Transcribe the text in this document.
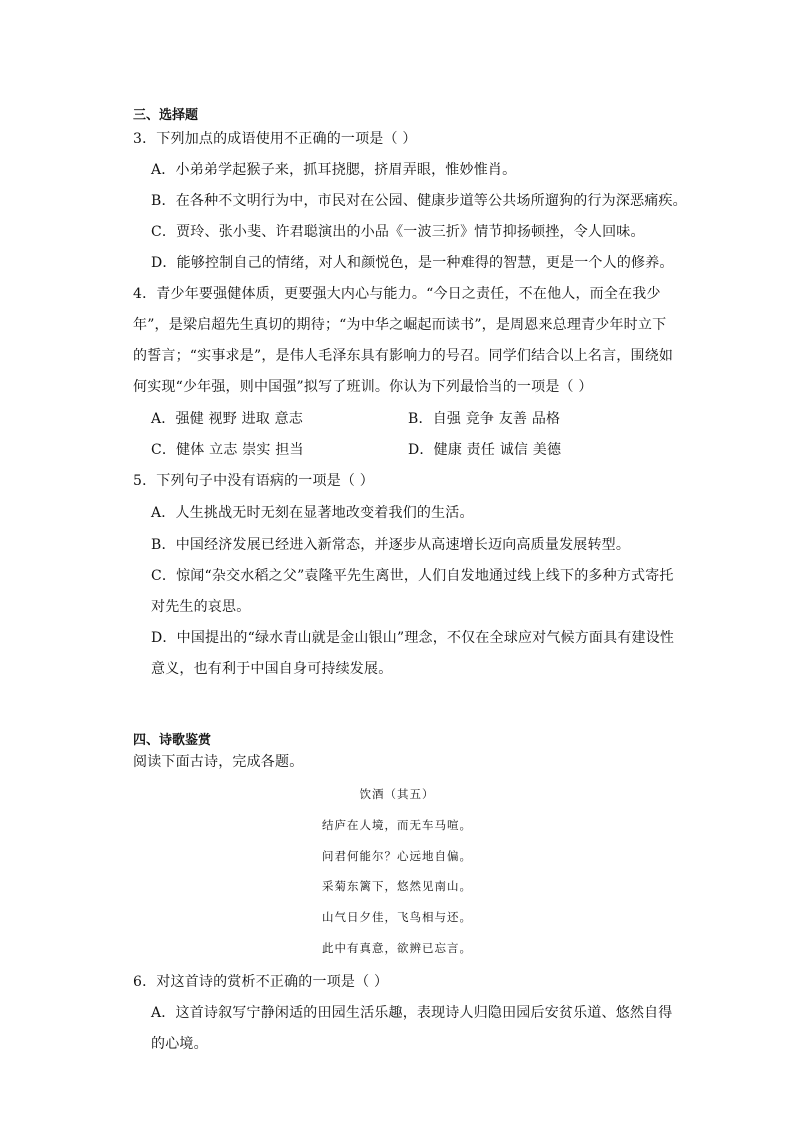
三、选择题
3．下列加点的成语使用不正确的一项是（ ）
A．小弟弟学起猴子来，抓耳挠腮，挤眉弄眼，惟妙惟肖。
B．在各种不文明行为中，市民对在公园、健康步道等公共场所遛狗的行为深恶痛疾。
C．贾玲、张小斐、许君聪演出的小品《一波三折》情节抑扬顿挫，令人回味。
D．能够控制自己的情绪，对人和颜悦色，是一种难得的智慧，更是一个人的修养。
4．青少年要强健体质，更要强大内心与能力。“今日之责任，不在他人，而全在我少
年”，是梁启超先生真切的期待；“为中华之崛起而读书”，是周恩来总理青少年时立下
的誓言；“实事求是”，是伟人毛泽东具有影响力的号召。同学们结合以上名言，围绕如
何实现“少年强，则中国强”拟写了班训。你认为下列最恰当的一项是（ ）
A．强健 视野 进取 意志	B．自强 竞争 友善 品格
C．健体 立志 崇实 担当	D．健康 责任 诚信 美德
5．下列句子中没有语病的一项是（ ）
A．人生挑战无时无刻在显著地改变着我们的生活。
B．中国经济发展已经进入新常态，并逐步从高速增长迈向高质量发展转型。
C．惊闻“杂交水稻之父”袁隆平先生离世，人们自发地通过线上线下的多种方式寄托
对先生的哀思。
D．中国提出的“绿水青山就是金山银山”理念，不仅在全球应对气候方面具有建设性
意义，也有利于中国自身可持续发展。
四、诗歌鉴赏
阅读下面古诗，完成各题。
饮酒（其五）
结庐在人境，而无车马喧。
问君何能尔？心远地自偏。
采菊东篱下，悠然见南山。
山气日夕佳，飞鸟相与还。
此中有真意，欲辨已忘言。
6．对这首诗的赏析不正确的一项是（ ）
A．这首诗叙写宁静闲适的田园生活乐趣，表现诗人归隐田园后安贫乐道、悠然自得
的心境。
